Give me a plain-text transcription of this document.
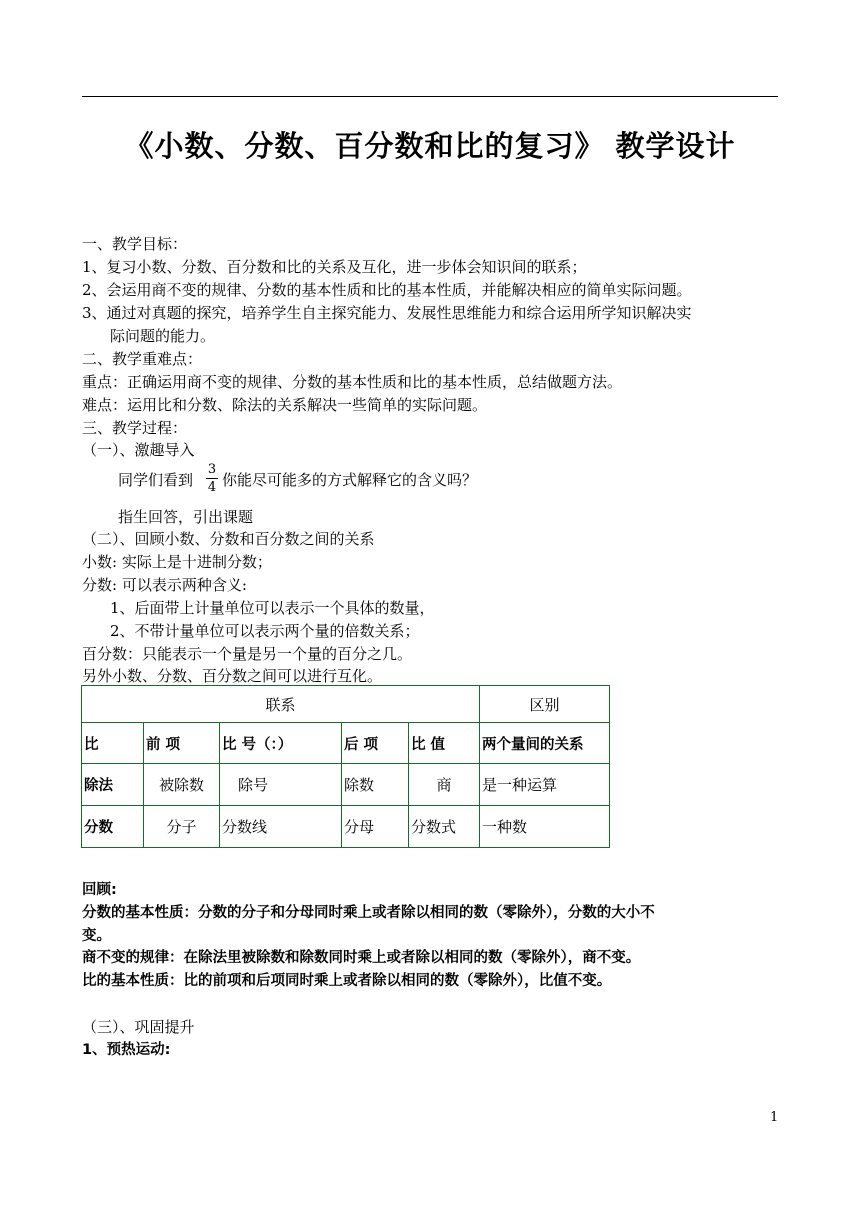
《小数、分数、百分数和比的复习》 教学设计
一、教学目标：
1、复习小数、分数、百分数和比的关系及互化，进一步体会知识间的联系；
2、会运用商不变的规律、分数的基本性质和比的基本性质，并能解决相应的简单实际问题。
3、通过对真题的探究，培养学生自主探究能力、发展性思维能力和综合运用所学知识解决实
际问题的能力。
二、教学重难点：
重点：正确运用商不变的规律、分数的基本性质和比的基本性质，总结做题方法。
难点：运用比和分数、除法的关系解决一些简单的实际问题。
三、教学过程：
（一）、激趣导入
同学们看到
3
4 你能尽可能多的方式解释它的含义吗？
指生回答，引出课题
（二）、回顾小数、分数和百分数之间的关系
小数: 实际上是十进制分数；
分数: 可以表示两种含义:
1、后面带上计量单位可以表示一个具体的数量，
2、不带计量单位可以表示两个量的倍数关系；
百分数：只能表示一个量是另一个量的百分之几。
另外小数、分数、百分数之间可以进行互化。
联系					区别
比	前 项	比 号（：）	后 项	比 值	两个量间的关系
除法	被除数	除号	除数	商	是一种运算
分数	分子	分数线	分母	分数式	一种数
回顾:
分数的基本性质：分数的分子和分母同时乘上或者除以相同的数（零除外），分数的大小不
变。
商不变的规律：在除法里被除数和除数同时乘上或者除以相同的数（零除外），商不变。
比的基本性质：比的前项和后项同时乘上或者除以相同的数（零除外），比值不变。
（三）、巩固提升
1、预热运动:
1
